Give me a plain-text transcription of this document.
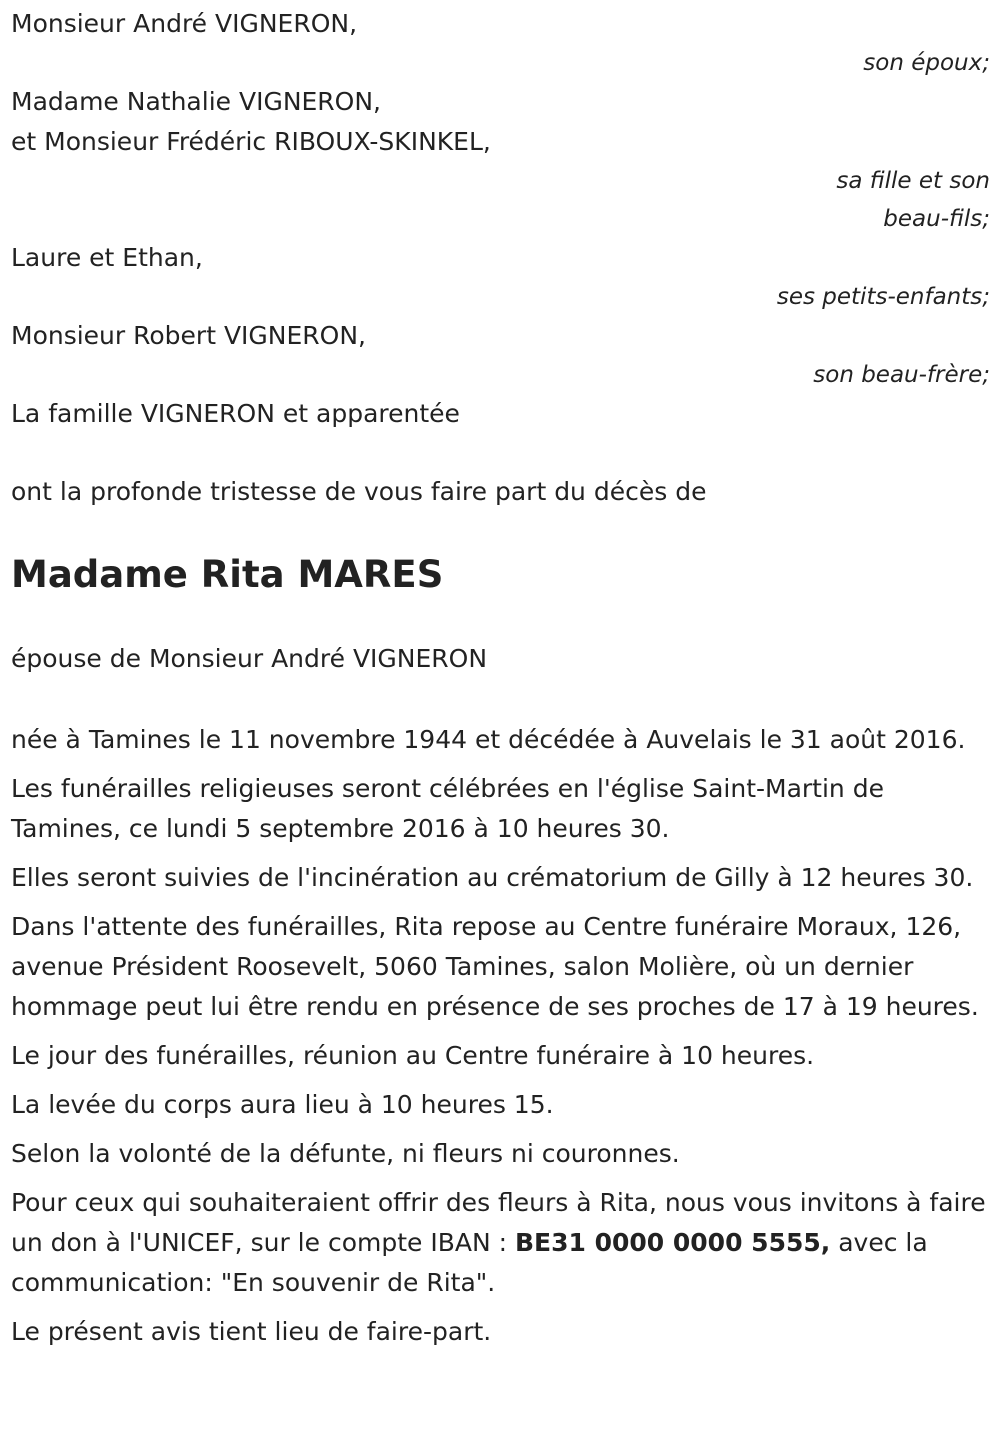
Monsieur André VIGNERON,
son époux;
Madame Nathalie VIGNERON,
et Monsieur Frédéric RIBOUX-SKINKEL,
sa fille et son
beau-fils;
Laure et Ethan,
ses petits-enfants;
Monsieur Robert VIGNERON,
son beau-frère;
La famille VIGNERON et apparentée
ont la profonde tristesse de vous faire part du décès de
Madame Rita MARES
épouse de Monsieur André VIGNERON

née à Tamines le 11 novembre 1944 et décédée à Auvelais le 31 août 2016.

Les funérailles religieuses seront célébrées en l'église Saint-Martin de Tamines, ce lundi 5 septembre 2016 à 10 heures 30.

Elles seront suivies de l'incinération au crématorium de Gilly à 12 heures 30.

Dans l'attente des funérailles, Rita repose au Centre funéraire Moraux, 126, avenue Président Roosevelt, 5060 Tamines, salon Molière, où un dernier hommage peut lui être rendu en présence de ses proches de 17 à 19 heures.

Le jour des funérailles, réunion au Centre funéraire à 10 heures.

La levée du corps aura lieu à 10 heures 15.

Selon la volonté de la défunte, ni fleurs ni couronnes.

Pour ceux qui souhaiteraient offrir des fleurs à Rita, nous vous invitons à faire un don à l'UNICEF, sur le compte IBAN : BE31 0000 0000 5555, avec la communication: "En souvenir de Rita".

Le présent avis tient lieu de faire-part.
